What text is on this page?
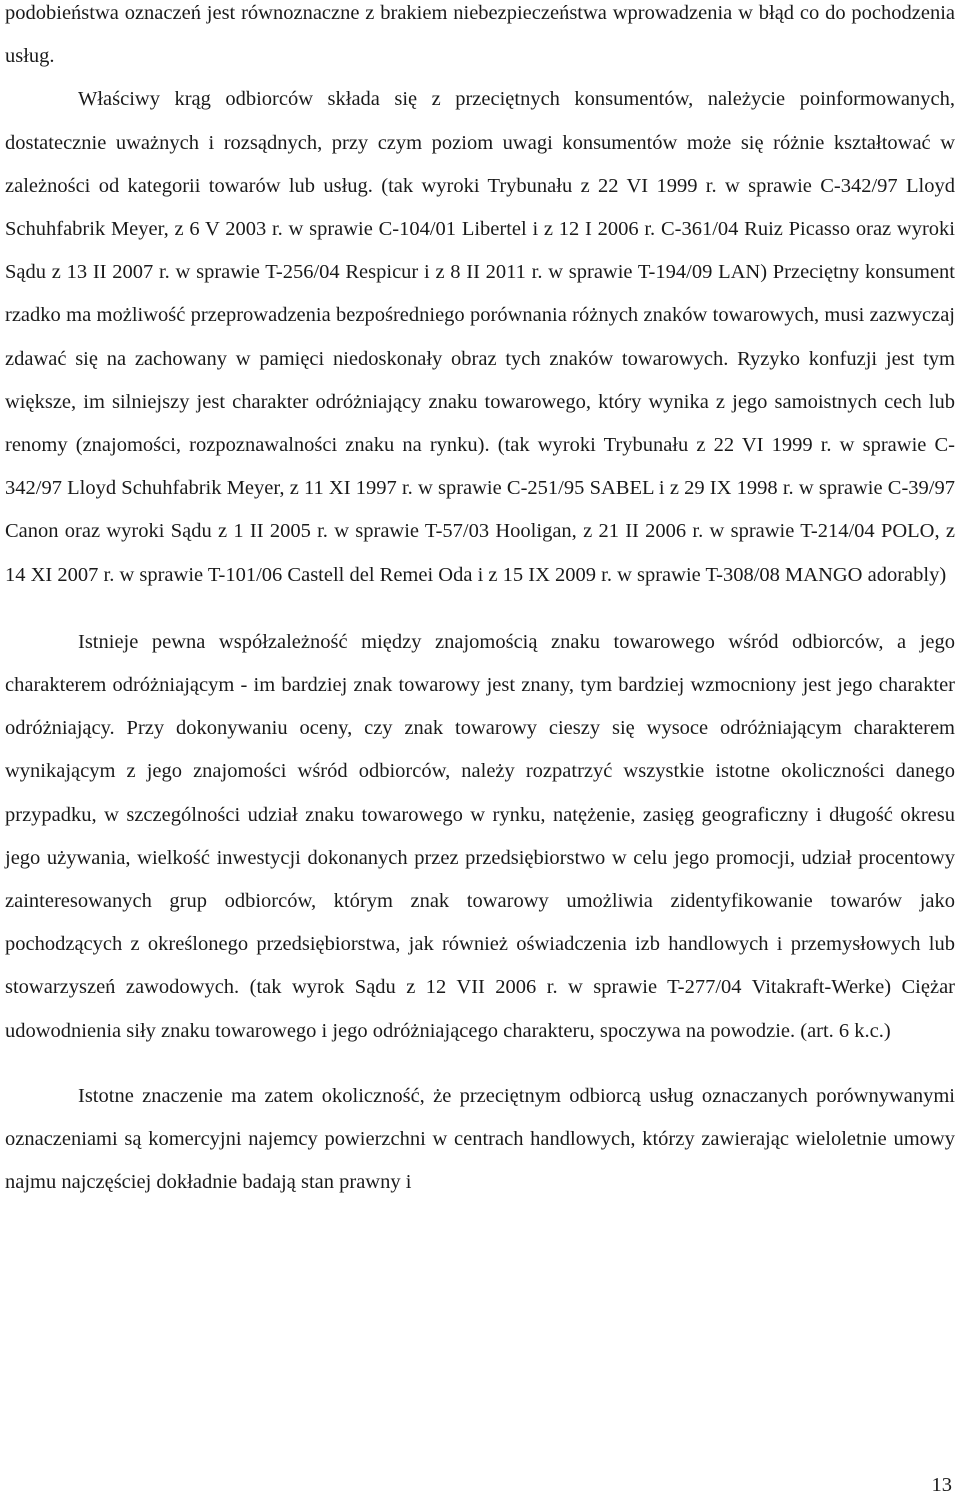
podobieństwa oznaczeń jest równoznaczne z brakiem niebezpieczeństwa wprowadzenia w błąd co do pochodzenia usług.

Właściwy krąg odbiorców składa się z przeciętnych konsumentów, należycie poinformowanych, dostatecznie uważnych i rozsądnych, przy czym poziom uwagi konsumentów może się różnie kształtować w zależności od kategorii towarów lub usług. (tak wyroki Trybunału z 22 VI 1999 r. w sprawie C-342/97 Lloyd Schuhfabrik Meyer, z 6 V 2003 r. w sprawie C-104/01 Libertel i z 12 I 2006 r. C-361/04 Ruiz Picasso oraz wyroki Sądu z 13 II 2007 r. w sprawie T-256/04 Respicur i z 8 II 2011 r. w sprawie T-194/09 LAN) Przeciętny konsument rzadko ma możliwość przeprowadzenia bezpośredniego porównania różnych znaków towarowych, musi zazwyczaj zdawać się na zachowany w pamięci niedoskonały obraz tych znaków towarowych. Ryzyko konfuzji jest tym większe, im silniejszy jest charakter odróżniający znaku towarowego, który wynika z jego samoistnych cech lub renomy (znajomości, rozpoznawalności znaku na rynku). (tak wyroki Trybunału z 22 VI 1999 r. w sprawie C-342/97 Lloyd Schuhfabrik Meyer, z 11 XI 1997 r. w sprawie C-251/95 SABEL i z 29 IX 1998 r. w sprawie C-39/97 Canon oraz wyroki Sądu z 1 II 2005 r. w sprawie T-57/03 Hooligan, z 21 II 2006 r. w sprawie T-214/04 POLO, z 14 XI 2007 r. w sprawie T-101/06 Castell del Remei Oda i z 15 IX 2009 r. w sprawie T-308/08 MANGO adorably)

Istnieje pewna współzależność między znajomością znaku towarowego wśród odbiorców, a jego charakterem odróżniającym - im bardziej znak towarowy jest znany, tym bardziej wzmocniony jest jego charakter odróżniający. Przy dokonywaniu oceny, czy znak towarowy cieszy się wysoce odróżniającym charakterem wynikającym z jego znajomości wśród odbiorców, należy rozpatrzyć wszystkie istotne okoliczności danego przypadku, w szczególności udział znaku towarowego w rynku, natężenie, zasięg geograficzny i długość okresu jego używania, wielkość inwestycji dokonanych przez przedsiębiorstwo w celu jego promocji, udział procentowy zainteresowanych grup odbiorców, którym znak towarowy umożliwia zidentyfikowanie towarów jako pochodzących z określonego przedsiębiorstwa, jak również oświadczenia izb handlowych i przemysłowych lub stowarzyszeń zawodowych. (tak wyrok Sądu z 12 VII 2006 r. w sprawie T-277/04 Vitakraft-Werke) Ciężar udowodnienia siły znaku towarowego i jego odróżniającego charakteru, spoczywa na powodzie. (art. 6 k.c.)

Istotne znaczenie ma zatem okoliczność, że przeciętnym odbiorcą usług oznaczanych porównywanymi oznaczeniami są komercyjni najemcy powierzchni w centrach handlowych, którzy zawierając wieloletnie umowy najmu najczęściej dokładnie badają stan prawny i

13
